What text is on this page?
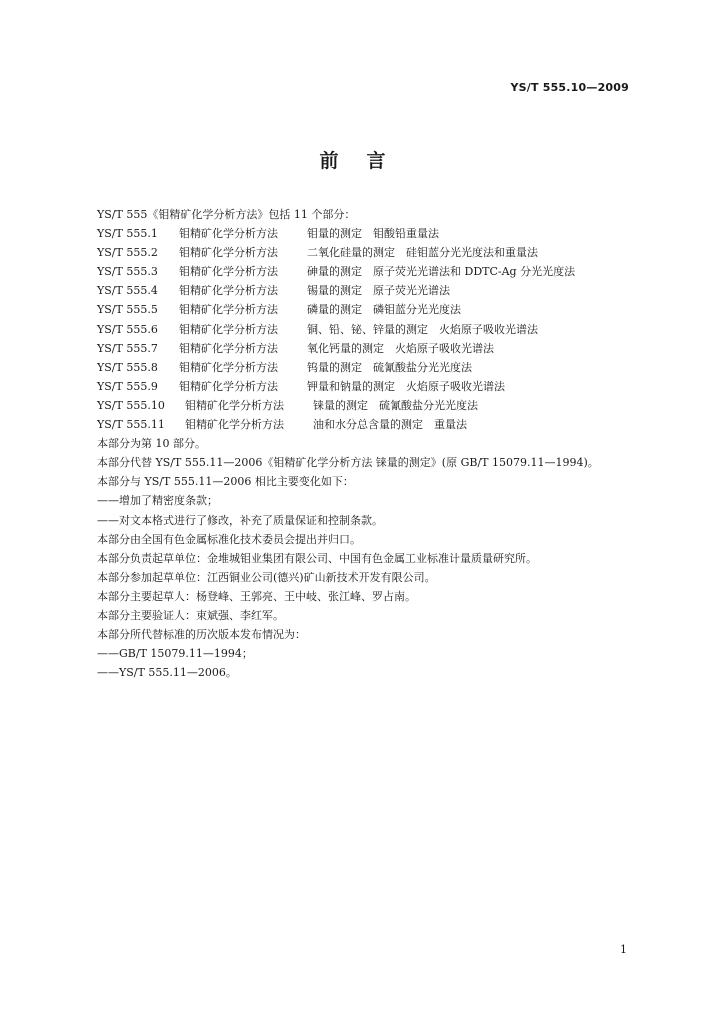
YS/T 555.10—2009
前言
YS/T 555《钼精矿化学分析方法》包括 11 个部分：
YS/T 555.1	钼精矿化学分析方法	钼量的测定　钼酸铅重量法
YS/T 555.2	钼精矿化学分析方法	二氧化硅量的测定　硅钼蓝分光光度法和重量法
YS/T 555.3	钼精矿化学分析方法	砷量的测定　原子荧光光谱法和 DDTC-Ag 分光光度法
YS/T 555.4	钼精矿化学分析方法	锡量的测定　原子荧光光谱法
YS/T 555.5	钼精矿化学分析方法	磷量的测定　磷钼蓝分光光度法
YS/T 555.6	钼精矿化学分析方法	铜、铅、铋、锌量的测定　火焰原子吸收光谱法
YS/T 555.7	钼精矿化学分析方法	氧化钙量的测定　火焰原子吸收光谱法
YS/T 555.8	钼精矿化学分析方法	钨量的测定　硫氰酸盐分光光度法
YS/T 555.9	钼精矿化学分析方法	钾量和钠量的测定　火焰原子吸收光谱法
YS/T 555.10	钼精矿化学分析方法	铼量的测定　硫氰酸盐分光光度法
YS/T 555.11	钼精矿化学分析方法	油和水分总含量的测定　重量法
本部分为第 10 部分。
本部分代替 YS/T 555.11—2006《钼精矿化学分析方法 铼量的测定》(原 GB/T 15079.11—1994)。
本部分与 YS/T 555.11—2006 相比主要变化如下：
——增加了精密度条款；
——对文本格式进行了修改，补充了质量保证和控制条款。
本部分由全国有色金属标准化技术委员会提出并归口。
本部分负责起草单位：金堆城钼业集团有限公司、中国有色金属工业标准计量质量研究所。
本部分参加起草单位：江西铜业公司(德兴)矿山新技术开发有限公司。
本部分主要起草人：杨登峰、王郭亮、王中岐、张江峰、罗占南。
本部分主要验证人：束斌强、李红军。
本部分所代替标准的历次版本发布情况为：
——GB/T 15079.11—1994；
——YS/T 555.11—2006。
1
